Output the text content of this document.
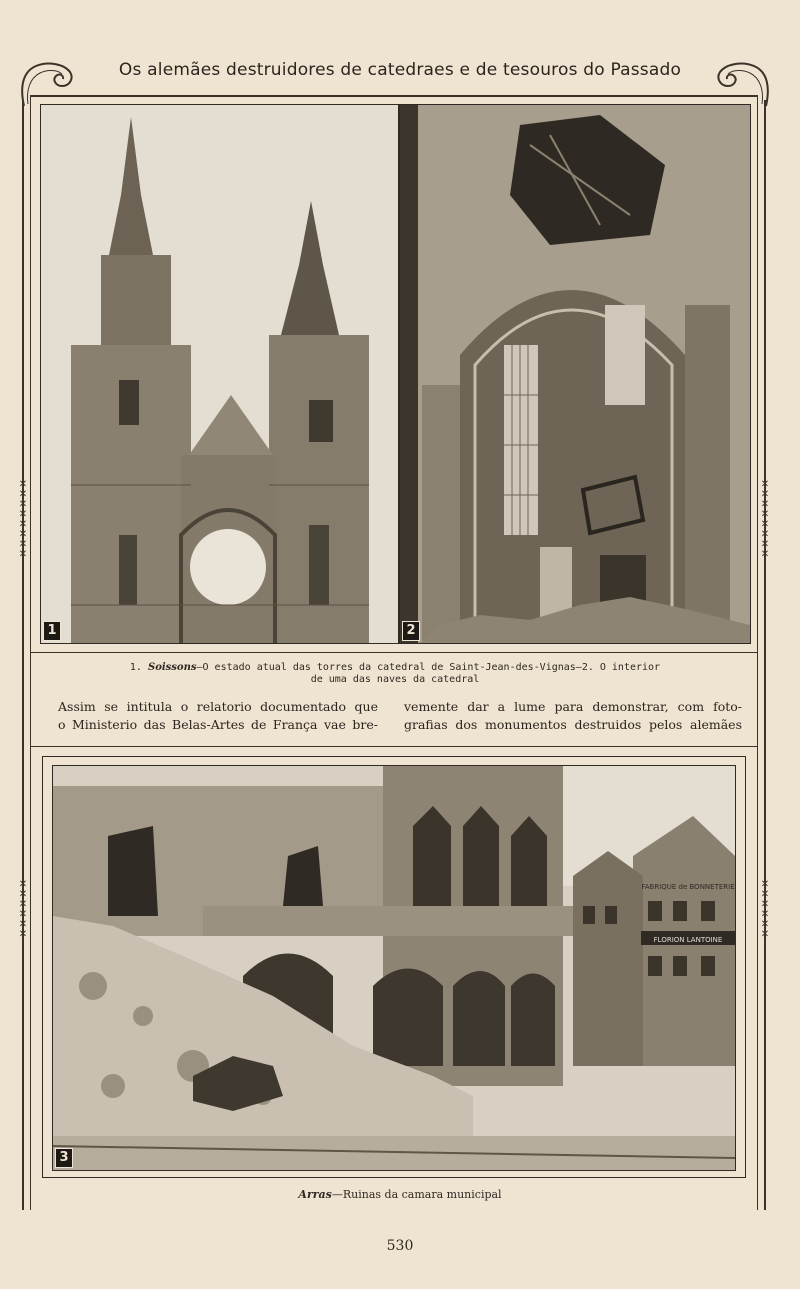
✕
✕
✕
✕
✕
✕
✕
✕
✕
✕
✕
✕
✕
✕
✕
✕
✕
✕
✕
✕
✕
✕
✕
✕
✕
✕
✕
✕
Os alemães destruidores de catedraes e de tesouros do Passado
1	2
1. Soissons—O estado atual das torres da catedral de Saint-Jean-des-Vignas—2. O interior
de uma das naves da catedral
Assim se intitula o relatorio documentado que
o Ministerio das Belas-Artes de França vae bre-
vemente dar a lume para demonstrar, com foto-
grafias dos monumentos destruidos pelos alemães
FLORION LANTOINE
FABRIQUE de BONNETERIE
3
Arras—Ruinas da camara municipal
530
